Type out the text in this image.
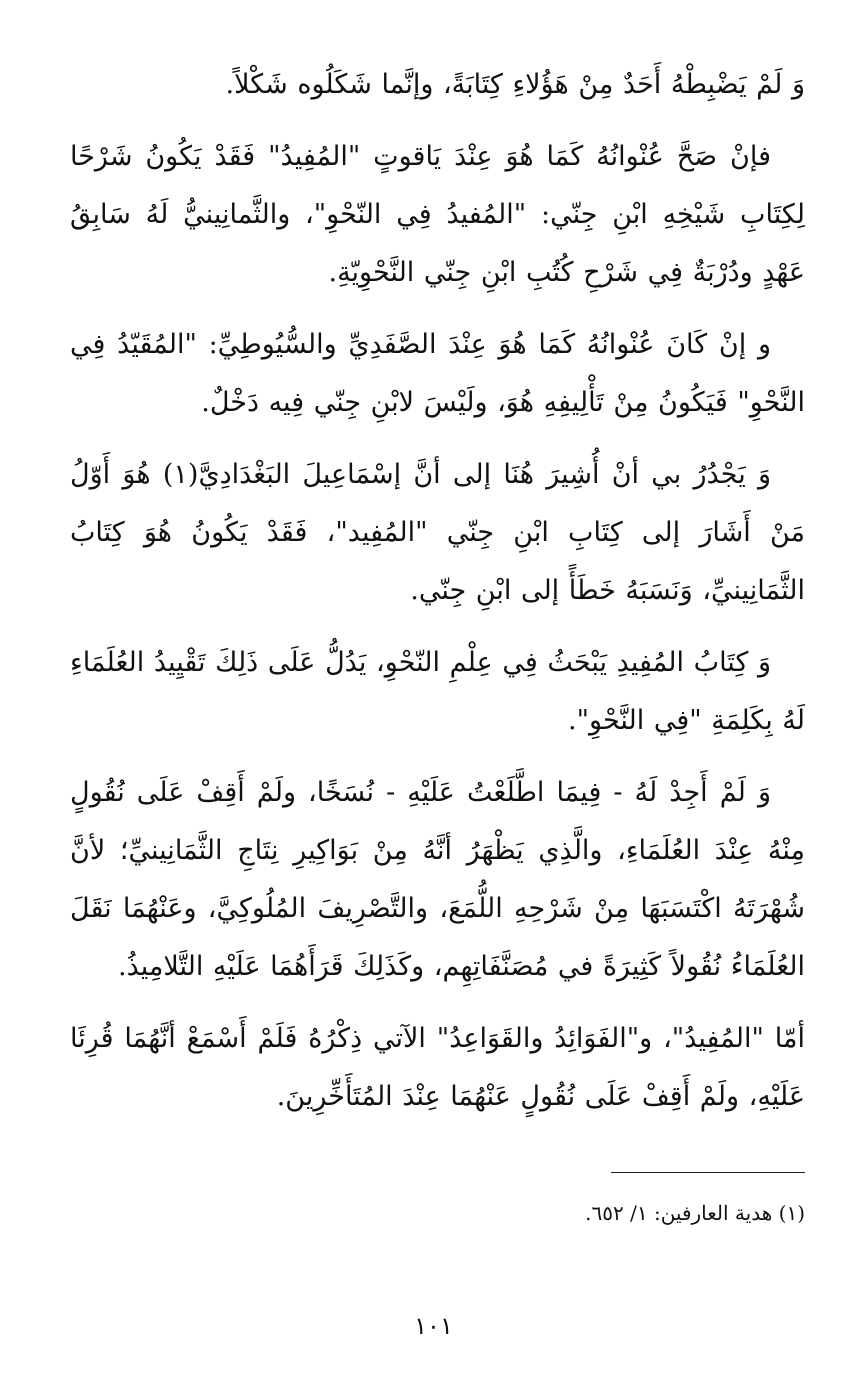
وَ لَمْ يَضْبِطْهُ أَحَدٌ مِنْ هَؤُلاءِ كِتَابَةً، وإنَّما شَكَلُوه شَكْلاً.

فإنْ صَحَّ عُنْوانُهُ كَمَا هُوَ عِنْدَ يَاقوتٍ "المُفِيدُ" فَقَدْ يَكُونُ شَرْحًا لِكِتَابِ شَيْخِهِ ابْنِ جِنّي: "المُفيدُ فِي النّحْوِ"، والثَّمانِينيُّ لَهُ سَابِقُ عَهْدٍ ودُرْبَةٌ فِي شَرْحِ كُتُبِ ابْنِ جِنّي النَّحْوِيّةِ.

و إنْ كَانَ عُنْوانُهُ كَمَا هُوَ عِنْدَ الصَّفَدِيِّ والسُّيُوطِيِّ: "المُقَيّدُ فِي النَّحْوِ" فَيَكُونُ مِنْ تَأْلِيفِهِ هُوَ، ولَيْسَ لابْنِ جِنّي فِيه دَخْلٌ.

وَ يَجْدُرُ بي أنْ أُشِيرَ هُنَا إلى أنَّ إسْمَاعِيلَ البَغْدَادِيَّ(١) هُوَ أَوّلُ مَنْ أَشَارَ إلى كِتَابِ ابْنِ جِنّي "المُفِيد"، فَقَدْ يَكُونُ هُوَ كِتَابُ الثَّمَانِينيِّ، وَنَسَبَهُ خَطَأً إلى ابْنِ جِنّي.

وَ كِتَابُ المُفِيدِ يَبْحَثُ فِي عِلْمِ النّحْوِ، يَدُلُّ عَلَى ذَلِكَ تَقْيِيدُ العُلَمَاءِ لَهُ بِكَلِمَةِ "فِي النَّحْوِ".

وَ لَمْ أَجِدْ لَهُ - فِيمَا اطَّلَعْتُ عَلَيْهِ - نُسَخًا، ولَمْ أَقِفْ عَلَى نُقُولٍ مِنْهُ عِنْدَ العُلَمَاءِ، والَّذِي يَظْهَرُ أنَّهُ مِنْ بَوَاكِيرِ نِتَاجِ الثَّمَانِينيِّ؛ لأنَّ شُهْرَتَهُ اكْتَسَبَهَا مِنْ شَرْحِهِ اللُّمَعَ، والتَّصْرِيفَ المُلُوكِيَّ، وعَنْهُمَا نَقَلَ العُلَمَاءُ نُقُولاً كَثِيرَةً في مُصَنَّفَاتِهِم، وكَذَلِكَ قَرَأَهُمَا عَلَيْهِ التَّلامِيذُ.

أمّا "المُفِيدُ"، و"الفَوَائِدُ والقَوَاعِدُ" الآتي ذِكْرُهُ فَلَمْ أَسْمَعْ أنَّهُمَا قُرِئَا عَلَيْهِ، ولَمْ أَقِفْ عَلَى نُقُولٍ عَنْهُمَا عِنْدَ المُتَأَخِّرِينَ.

(١) هدية العارفين: ١/ ٦٥٢.
١٠١
